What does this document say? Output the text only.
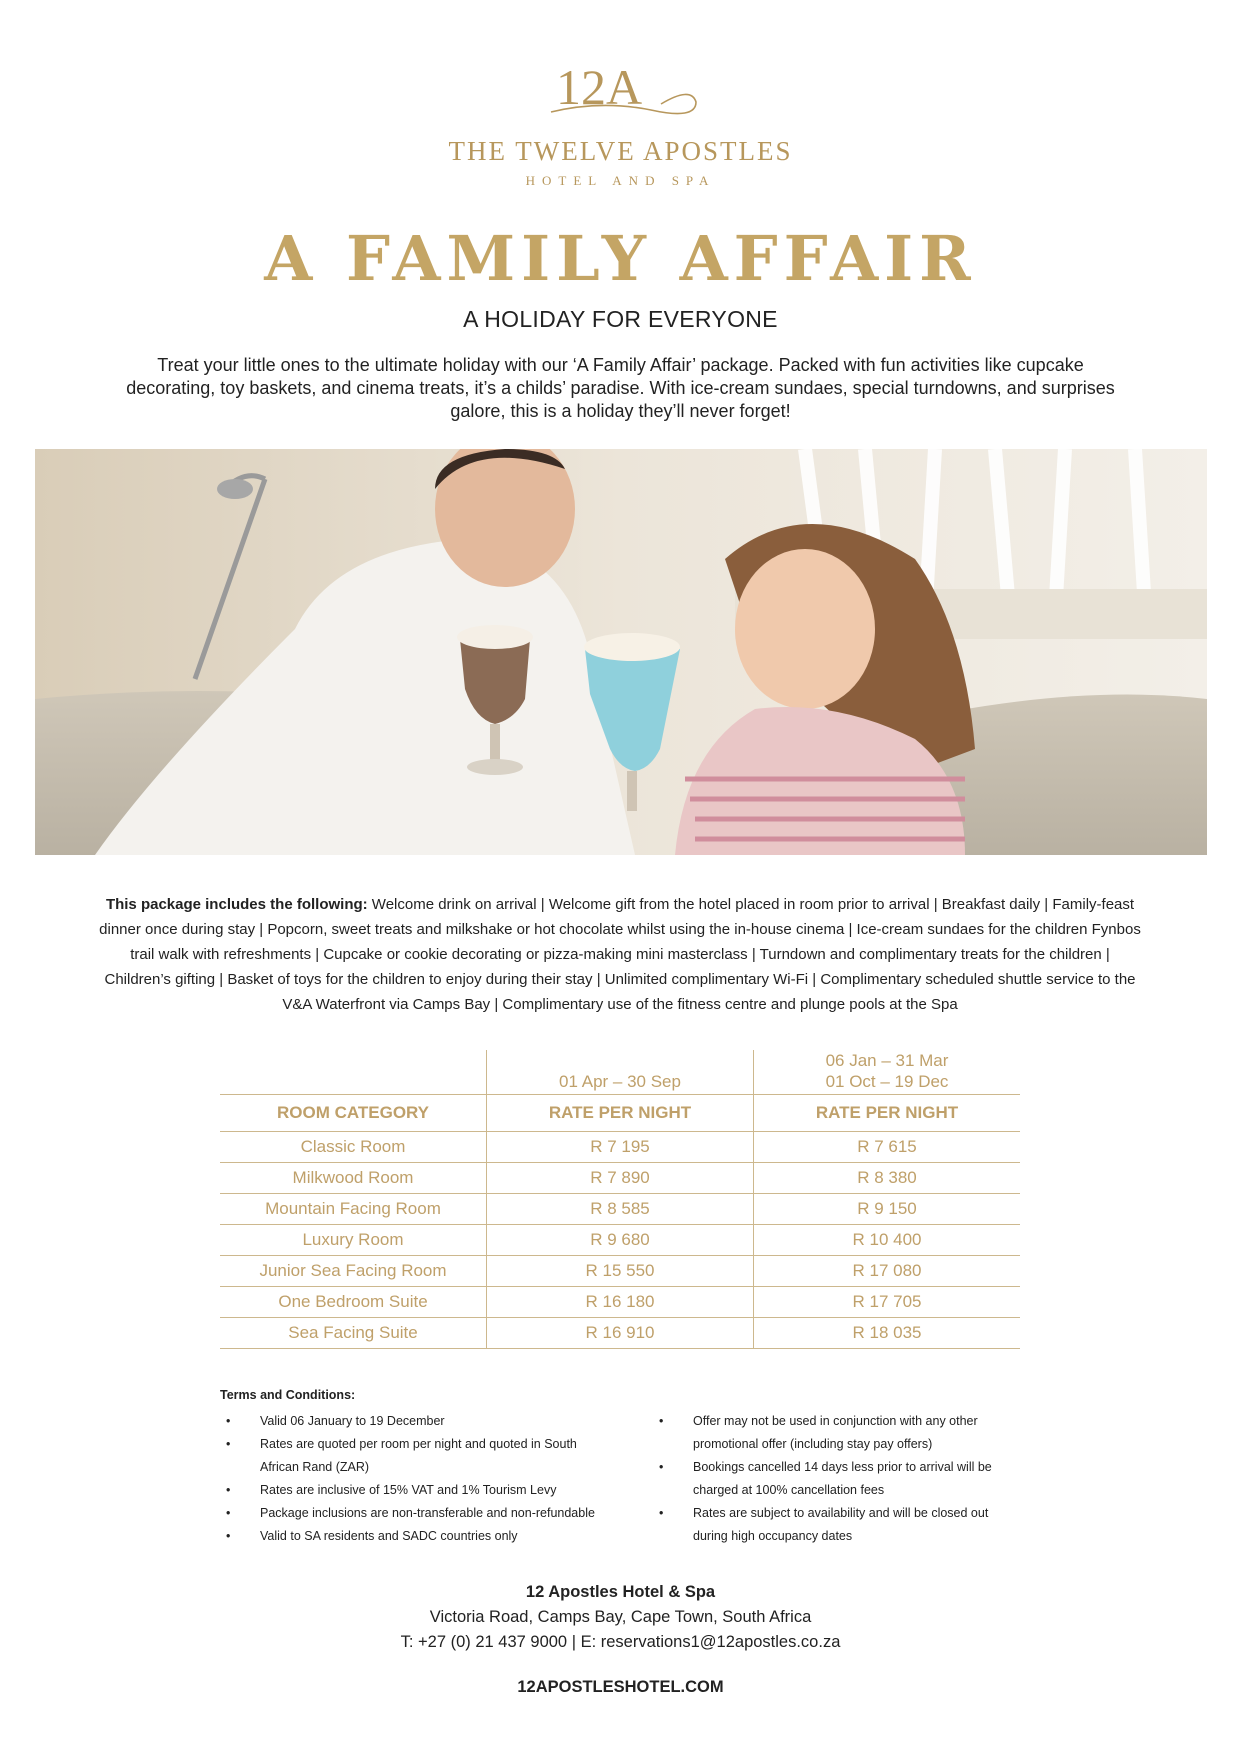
12A
THE TWELVE APOSTLES
HOTEL AND SPA
A FAMILY AFFAIR
A HOLIDAY FOR EVERYONE
Treat your little ones to the ultimate holiday with our ‘A Family Affair’ package. Packed with fun activities like cupcake decorating, toy baskets, and cinema treats, it’s a childs’ paradise. With ice-cream sundaes, special turndowns, and surprises galore, this is a holiday they’ll never forget!
This package includes the following: Welcome drink on arrival | Welcome gift from the hotel placed in room prior to arrival | Breakfast daily | Family-feast dinner once during stay | Popcorn, sweet treats and milkshake or hot chocolate whilst using the in-house cinema | Ice-cream sundaes for the children Fynbos trail walk with refreshments | Cupcake or cookie decorating or pizza-making mini masterclass | Turndown and complimentary treats for the children | Children’s gifting | Basket of toys for the children to enjoy during their stay | Unlimited complimentary Wi-Fi | Complimentary scheduled shuttle service to the V&A Waterfront via Camps Bay | Complimentary use of the fitness centre and plunge pools at the Spa
	01 Apr – 30 Sep	06 Jan – 31 Mar
01 Oct – 19 Dec
ROOM CATEGORY	RATE PER NIGHT	RATE PER NIGHT
Classic Room	R 7 195	R 7 615
Milkwood Room	R 7 890	R 8 380
Mountain Facing Room	R 8 585	R 9 150
Luxury Room	R 9 680	R 10 400
Junior Sea Facing Room	R 15 550	R 17 080
One Bedroom Suite	R 16 180	R 17 705
Sea Facing Suite	R 16 910	R 18 035
Terms and Conditions:
• Valid 06 January to 19 December
• Rates are quoted per room per night and quoted in South African Rand (ZAR)
• Rates are inclusive of 15% VAT and 1% Tourism Levy
• Package inclusions are non-transferable and non-refundable
• Valid to SA residents and SADC countries only
• Offer may not be used in conjunction with any other promotional offer (including stay pay offers)
• Bookings cancelled 14 days less prior to arrival will be charged at 100% cancellation fees
• Rates are subject to availability and will be closed out during high occupancy dates
12 Apostles Hotel & Spa
Victoria Road, Camps Bay, Cape Town, South Africa
T: +27 (0) 21 437 9000 | E: reservations1@12apostles.co.za
12APOSTLESHOTEL.COM
